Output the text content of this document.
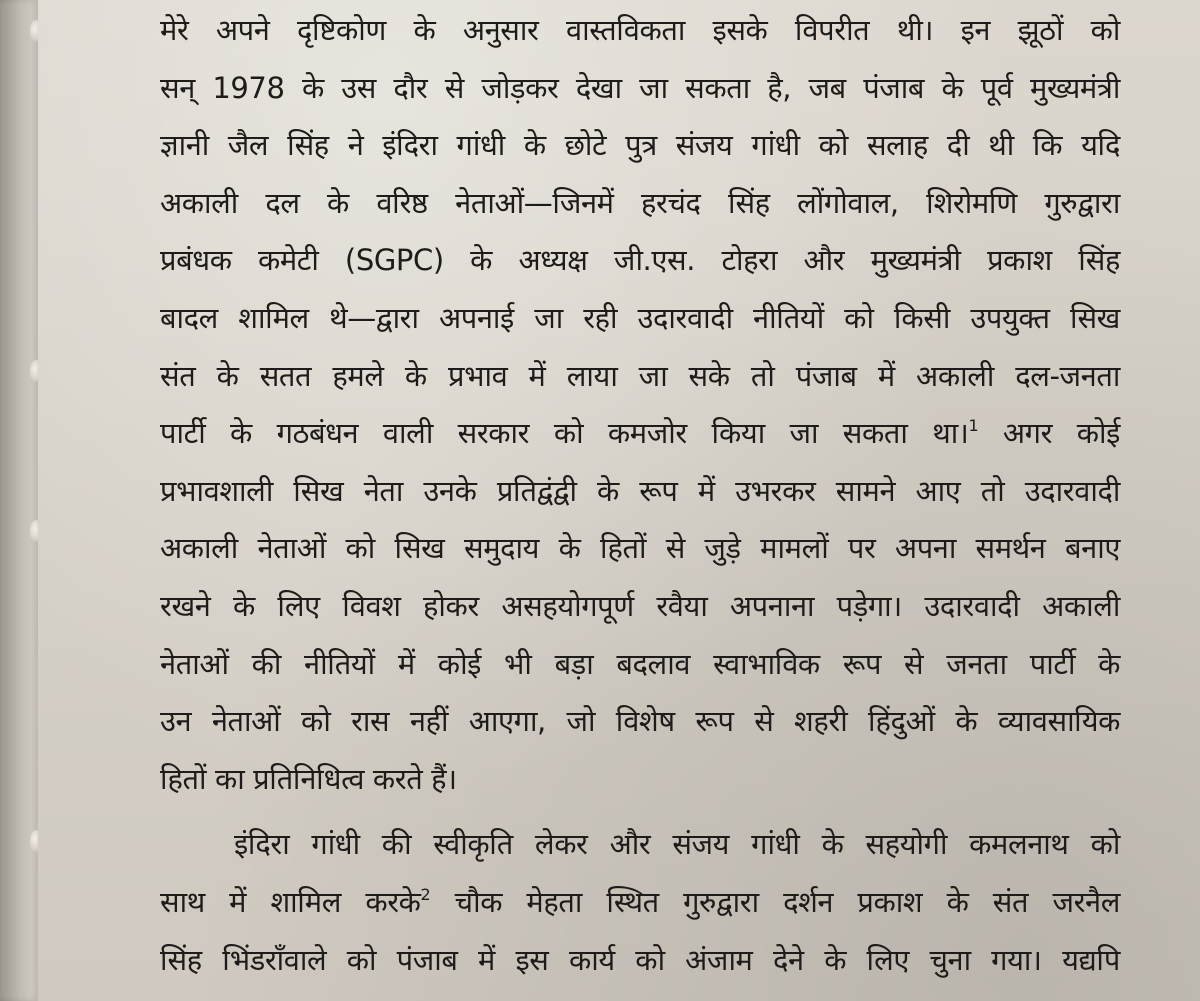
मेरे अपने दृष्टिकोण के अनुसार वास्तविकता इसके विपरीत थी। इन झूठों को
सन् 1978 के उस दौर से जोड़कर देखा जा सकता है, जब पंजाब के पूर्व मुख्यमंत्री
ज्ञानी जैल सिंह ने इंदिरा गांधी के छोटे पुत्र संजय गांधी को सलाह दी थी कि यदि
अकाली दल के वरिष्ठ नेताओं—जिनमें हरचंद सिंह लोंगोवाल, शिरोमणि गुरुद्वारा
प्रबंधक कमेटी (SGPC) के अध्यक्ष जी.एस. टोहरा और मुख्यमंत्री प्रकाश सिंह
बादल शामिल थे—द्वारा अपनाई जा रही उदारवादी नीतियों को किसी उपयुक्त सिख
संत के सतत हमले के प्रभाव में लाया जा सके तो पंजाब में अकाली दल-जनता
पार्टी के गठबंधन वाली सरकार को कमजोर किया जा सकता था।$^1$ अगर कोई
प्रभावशाली सिख नेता उनके प्रतिद्वंद्वी के रूप में उभरकर सामने आए तो उदारवादी
अकाली नेताओं को सिख समुदाय के हितों से जुड़े मामलों पर अपना समर्थन बनाए
रखने के लिए विवश होकर असहयोगपूर्ण रवैया अपनाना पड़ेगा। उदारवादी अकाली
नेताओं की नीतियों में कोई भी बड़ा बदलाव स्वाभाविक रूप से जनता पार्टी के
उन नेताओं को रास नहीं आएगा, जो विशेष रूप से शहरी हिंदुओं के व्यावसायिक
हितों का प्रतिनिधित्व करते हैं।
इंदिरा गांधी की स्वीकृति लेकर और संजय गांधी के सहयोगी कमलनाथ को
साथ में शामिल करके$^2$ चौक मेहता स्थित गुरुद्वारा दर्शन प्रकाश के संत जरनैल
सिंह भिंडराँवाले को पंजाब में इस कार्य को अंजाम देने के लिए चुना गया। यद्यपि
